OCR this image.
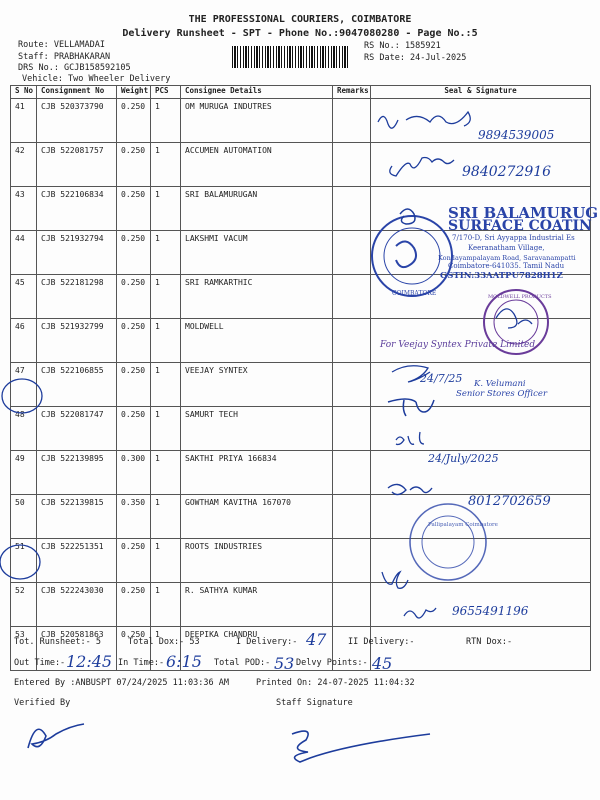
THE PROFESSIONAL COURIERS, COIMBATORE
Delivery Runsheet - SPT - Phone No.:9047080280 - Page No.:5
Route: VELLAMADAI
Staff: PRABHAKARAN
DRS No.: GCJB158592105
Vehicle: Two Wheeler Delivery
RS No.: 1585921
RS Date: 24-Jul-2025
S No	Consignment No	Weight	PCS	Consignee Details	Remarks	Seal & Signature
41	CJB 520373790	0.250	1	OM MURUGA INDUTRES		
42	CJB 522081757	0.250	1	ACCUMEN AUTOMATION		
43	CJB 522106834	0.250	1	SRI BALAMURUGAN		
44	CJB 521932794	0.250	1	LAKSHMI VACUM		
45	CJB 522181298	0.250	1	SRI RAMKARTHIC		
46	CJB 521932799	0.250	1	MOLDWELL		
47	CJB 522106855	0.250	1	VEEJAY SYNTEX		
48	CJB 522081747	0.250	1	SAMURT TECH		
49	CJB 522139895	0.300	1	SAKTHI PRIYA 166834		
50	CJB 522139815	0.350	1	GOWTHAM KAVITHA 167070		
51	CJB 522251351	0.250	1	ROOTS INDUSTRIES		
52	CJB 522243030	0.250	1	R. SATHYA KUMAR		
53	CJB 520581863	0.250	1	DEEPIKA CHANDRU		
9894539005
9840272916
24/7/25
24/July/2025
8012702659
9655491196
SRI BALAMURUG
SURFACE COATIN
7/170-D, Sri Ayyappa Industrial Es
Keeranatham Village,
Kondayampalayam Road, Saravanampatti
Coimbatore-641035. Tamil Nadu
GSTIN:33AATPU7828H1Z
COIMBATORE	MOLDWELL PRODUCTS
For Veejay Syntex Private Limited
K. Velumani
Senior Stores Officer
Pallipalayam Coimbatore
Tot. Runsheet:- 5	Total Dox:- 53	I Delivery:-	II Delivery:-	RTN Dox:-
Out Time:-	In Time:-	Total POD:-	Delvy Points:-
Entered By :ANBUSPT 07/24/2025 11:03:36 AM	Printed On: 24-07-2025 11:04:32
Verified By	Staff Signature
47
12:45	6:15	53	45
